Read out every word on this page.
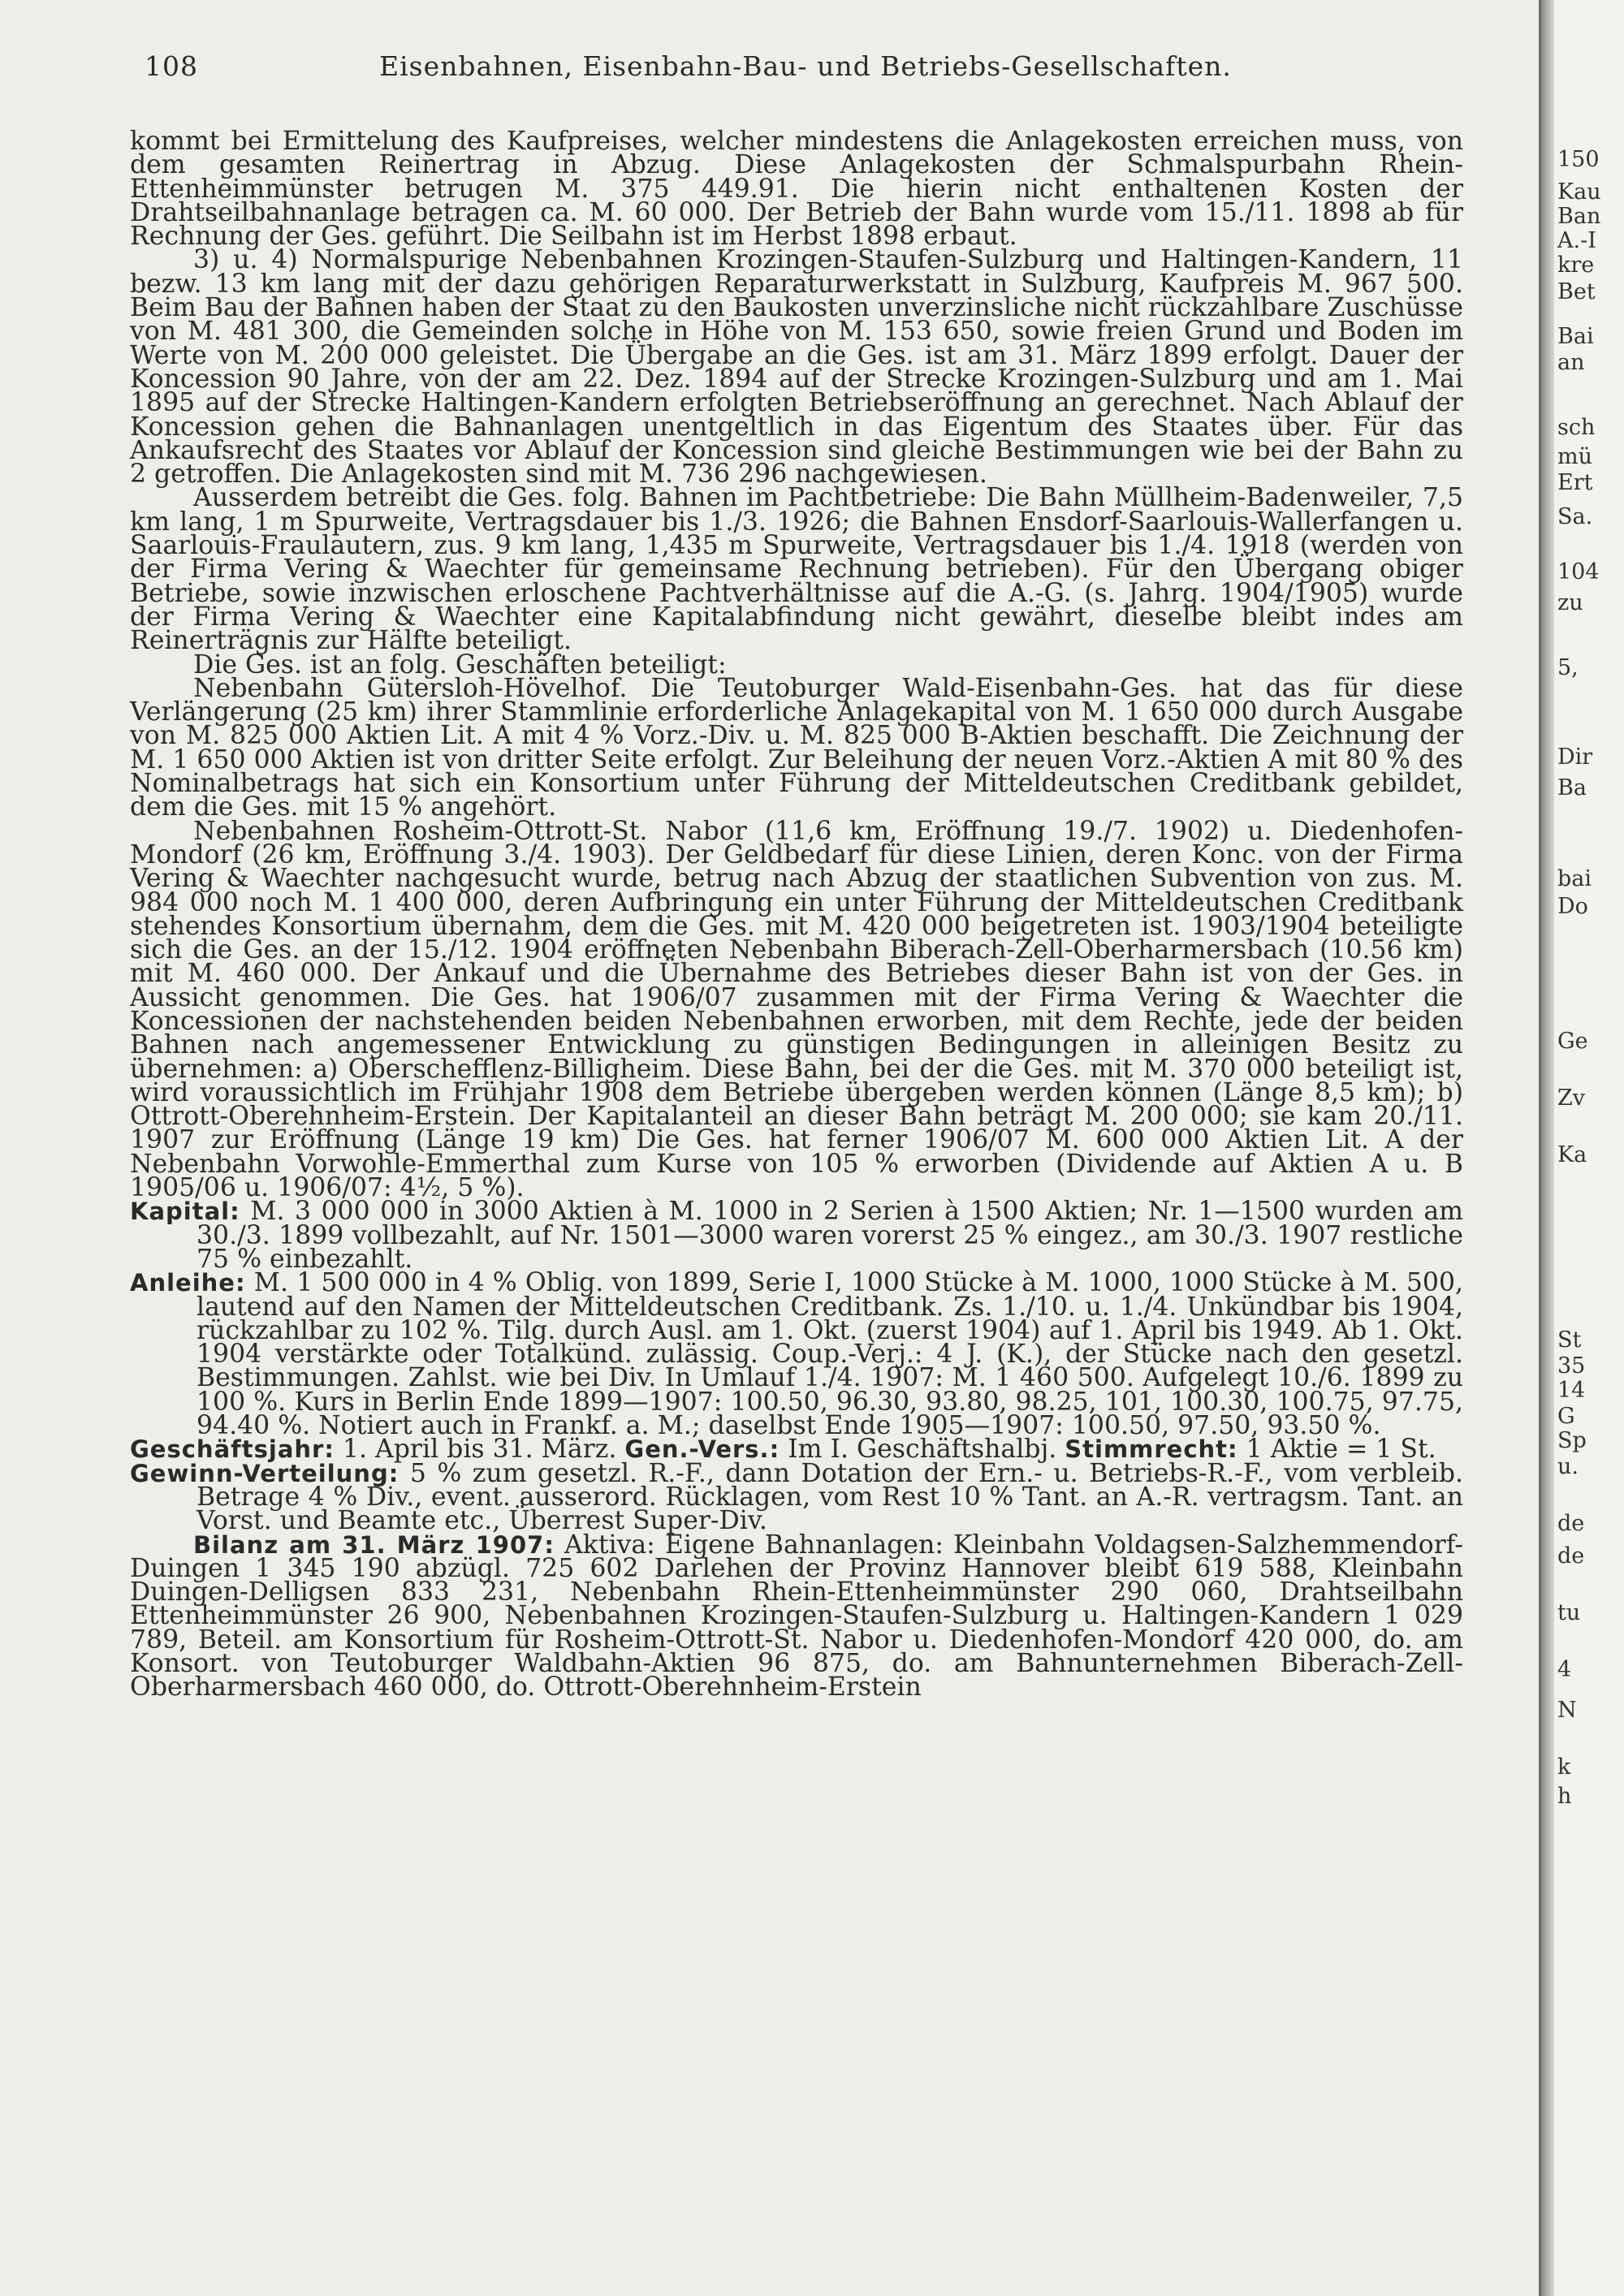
108	Eisenbahnen, Eisenbahn-Bau- und Betriebs-Gesellschaften.

kommt bei Ermittelung des Kaufpreises, welcher mindestens die Anlagekosten erreichen muss, von dem gesamten Reinertrag in Abzug. Diese Anlagekosten der Schmalspurbahn Rhein-Ettenheimmünster betrugen M. 375 449.91. Die hierin nicht enthaltenen Kosten der Drahtseilbahnanlage betragen ca. M. 60 000. Der Betrieb der Bahn wurde vom 15./11. 1898 ab für Rechnung der Ges. geführt. Die Seilbahn ist im Herbst 1898 erbaut.

3) u. 4) Normalspurige Nebenbahnen Krozingen-Staufen-Sulzburg und Haltingen-Kandern, 11 bezw. 13 km lang mit der dazu gehörigen Reparaturwerkstatt in Sulzburg, Kaufpreis M. 967 500. Beim Bau der Bahnen haben der Staat zu den Baukosten unverzinsliche nicht rückzahlbare Zuschüsse von M. 481 300, die Gemeinden solche in Höhe von M. 153 650, sowie freien Grund und Boden im Werte von M. 200 000 geleistet. Die Übergabe an die Ges. ist am 31. März 1899 erfolgt. Dauer der Koncession 90 Jahre, von der am 22. Dez. 1894 auf der Strecke Krozingen-Sulzburg und am 1. Mai 1895 auf der Strecke Haltingen-Kandern erfolgten Betriebseröffnung an gerechnet. Nach Ablauf der Koncession gehen die Bahnanlagen unentgeltlich in das Eigentum des Staates über. Für das Ankaufsrecht des Staates vor Ablauf der Koncession sind gleiche Bestimmungen wie bei der Bahn zu 2 getroffen. Die Anlagekosten sind mit M. 736 296 nachgewiesen.

Ausserdem betreibt die Ges. folg. Bahnen im Pachtbetriebe: Die Bahn Müllheim-Badenweiler, 7,5 km lang, 1 m Spurweite, Vertragsdauer bis 1./3. 1926; die Bahnen Ensdorf-Saarlouis-Wallerfangen u. Saarlouis-Fraulautern, zus. 9 km lang, 1,435 m Spurweite, Vertragsdauer bis 1./4. 1918 (werden von der Firma Vering & Waechter für gemeinsame Rechnung betrieben). Für den Übergang obiger Betriebe, sowie inzwischen erloschene Pachtverhältnisse auf die A.-G. (s. Jahrg. 1904/1905) wurde der Firma Vering & Waechter eine Kapitalabfindung nicht gewährt, dieselbe bleibt indes am Reinerträgnis zur Hälfte beteiligt.

Die Ges. ist an folg. Geschäften beteiligt:

Nebenbahn Gütersloh-Hövelhof. Die Teutoburger Wald-Eisenbahn-Ges. hat das für diese Verlängerung (25 km) ihrer Stammlinie erforderliche Anlagekapital von M. 1 650 000 durch Ausgabe von M. 825 000 Aktien Lit. A mit 4 % Vorz.-Div. u. M. 825 000 B-Aktien beschafft. Die Zeichnung der M. 1 650 000 Aktien ist von dritter Seite erfolgt. Zur Beleihung der neuen Vorz.-Aktien A mit 80 % des Nominalbetrags hat sich ein Konsortium unter Führung der Mitteldeutschen Creditbank gebildet, dem die Ges. mit 15 % angehört.

Nebenbahnen Rosheim-Ottrott-St. Nabor (11,6 km, Eröffnung 19./7. 1902) u. Diedenhofen-Mondorf (26 km, Eröffnung 3./4. 1903). Der Geldbedarf für diese Linien, deren Konc. von der Firma Vering & Waechter nachgesucht wurde, betrug nach Abzug der staatlichen Subvention von zus. M. 984 000 noch M. 1 400 000, deren Aufbringung ein unter Führung der Mitteldeutschen Creditbank stehendes Konsortium übernahm, dem die Ges. mit M. 420 000 beigetreten ist. 1903/1904 beteiligte sich die Ges. an der 15./12. 1904 eröffneten Nebenbahn Biberach-Zell-Oberharmersbach (10.56 km) mit M. 460 000. Der Ankauf und die Übernahme des Betriebes dieser Bahn ist von der Ges. in Aussicht genommen. Die Ges. hat 1906/07 zusammen mit der Firma Vering & Waechter die Koncessionen der nachstehenden beiden Nebenbahnen erworben, mit dem Rechte, jede der beiden Bahnen nach angemessener Entwicklung zu günstigen Bedingungen in alleinigen Besitz zu übernehmen: a) Oberschefflenz-Billigheim. Diese Bahn, bei der die Ges. mit M. 370 000 beteiligt ist, wird voraussichtlich im Frühjahr 1908 dem Betriebe übergeben werden können (Länge 8,5 km); b) Ottrott-Oberehnheim-Erstein. Der Kapitalanteil an dieser Bahn beträgt M. 200 000; sie kam 20./11. 1907 zur Eröffnung (Länge 19 km) Die Ges. hat ferner 1906/07 M. 600 000 Aktien Lit. A der Nebenbahn Vorwohle-Emmerthal zum Kurse von 105 % erworben (Dividende auf Aktien A u. B 1905/06 u. 1906/07: 4½, 5 %).

Kapital: M. 3 000 000 in 3000 Aktien à M. 1000 in 2 Serien à 1500 Aktien; Nr. 1—1500 wurden am 30./3. 1899 vollbezahlt, auf Nr. 1501—3000 waren vorerst 25 % eingez., am 30./3. 1907 restliche 75 % einbezahlt.

Anleihe: M. 1 500 000 in 4 % Oblig. von 1899, Serie I, 1000 Stücke à M. 1000, 1000 Stücke à M. 500, lautend auf den Namen der Mitteldeutschen Creditbank. Zs. 1./10. u. 1./4. Unkündbar bis 1904, rückzahlbar zu 102 %. Tilg. durch Ausl. am 1. Okt. (zuerst 1904) auf 1. April bis 1949. Ab 1. Okt. 1904 verstärkte oder Totalkünd. zulässig. Coup.-Verj.: 4 J. (K.), der Stücke nach den gesetzl. Bestimmungen. Zahlst. wie bei Div. In Umlauf 1./4. 1907: M. 1 460 500. Aufgelegt 10./6. 1899 zu 100 %. Kurs in Berlin Ende 1899—1907: 100.50, 96.30, 93.80, 98.25, 101, 100.30, 100.75, 97.75, 94.40 %. Notiert auch in Frankf. a. M.; daselbst Ende 1905—1907: 100.50, 97.50, 93.50 %.

Geschäftsjahr: 1. April bis 31. März. Gen.-Vers.: Im I. Geschäftshalbj. Stimmrecht: 1 Aktie = 1 St.

Gewinn-Verteilung: 5 % zum gesetzl. R.-F., dann Dotation der Ern.- u. Betriebs-R.-F., vom verbleib. Betrage 4 % Div., event. ausserord. Rücklagen, vom Rest 10 % Tant. an A.-R. vertragsm. Tant. an Vorst. und Beamte etc., Überrest Super-Div.

Bilanz am 31. März 1907: Aktiva: Eigene Bahnanlagen: Kleinbahn Voldagsen-Salzhemmendorf-Duingen 1 345 190 abzügl. 725 602 Darlehen der Provinz Hannover bleibt 619 588, Kleinbahn Duingen-Delligsen 833 231, Nebenbahn Rhein-Ettenheimmünster 290 060, Drahtseilbahn Ettenheimmünster 26 900, Nebenbahnen Krozingen-Staufen-Sulzburg u. Haltingen-Kandern 1 029 789, Beteil. am Konsortium für Rosheim-Ottrott-St. Nabor u. Diedenhofen-Mondorf 420 000, do. am Konsort. von Teutoburger Waldbahn-Aktien 96 875, do. am Bahnunternehmen Biberach-Zell-Oberharmersbach 460 000, do. Ottrott-Oberehnheim-Erstein

150
Kau
Ban
A.-I
kre
Bet
Bai
an
sch
mü
Ert
Sa.
104
zu
5,
Dir
Ba
bai
Do
Ge
Zv
Ka
St
35
14
G
Sp
u.
de
de
tu
4
N
k
h
